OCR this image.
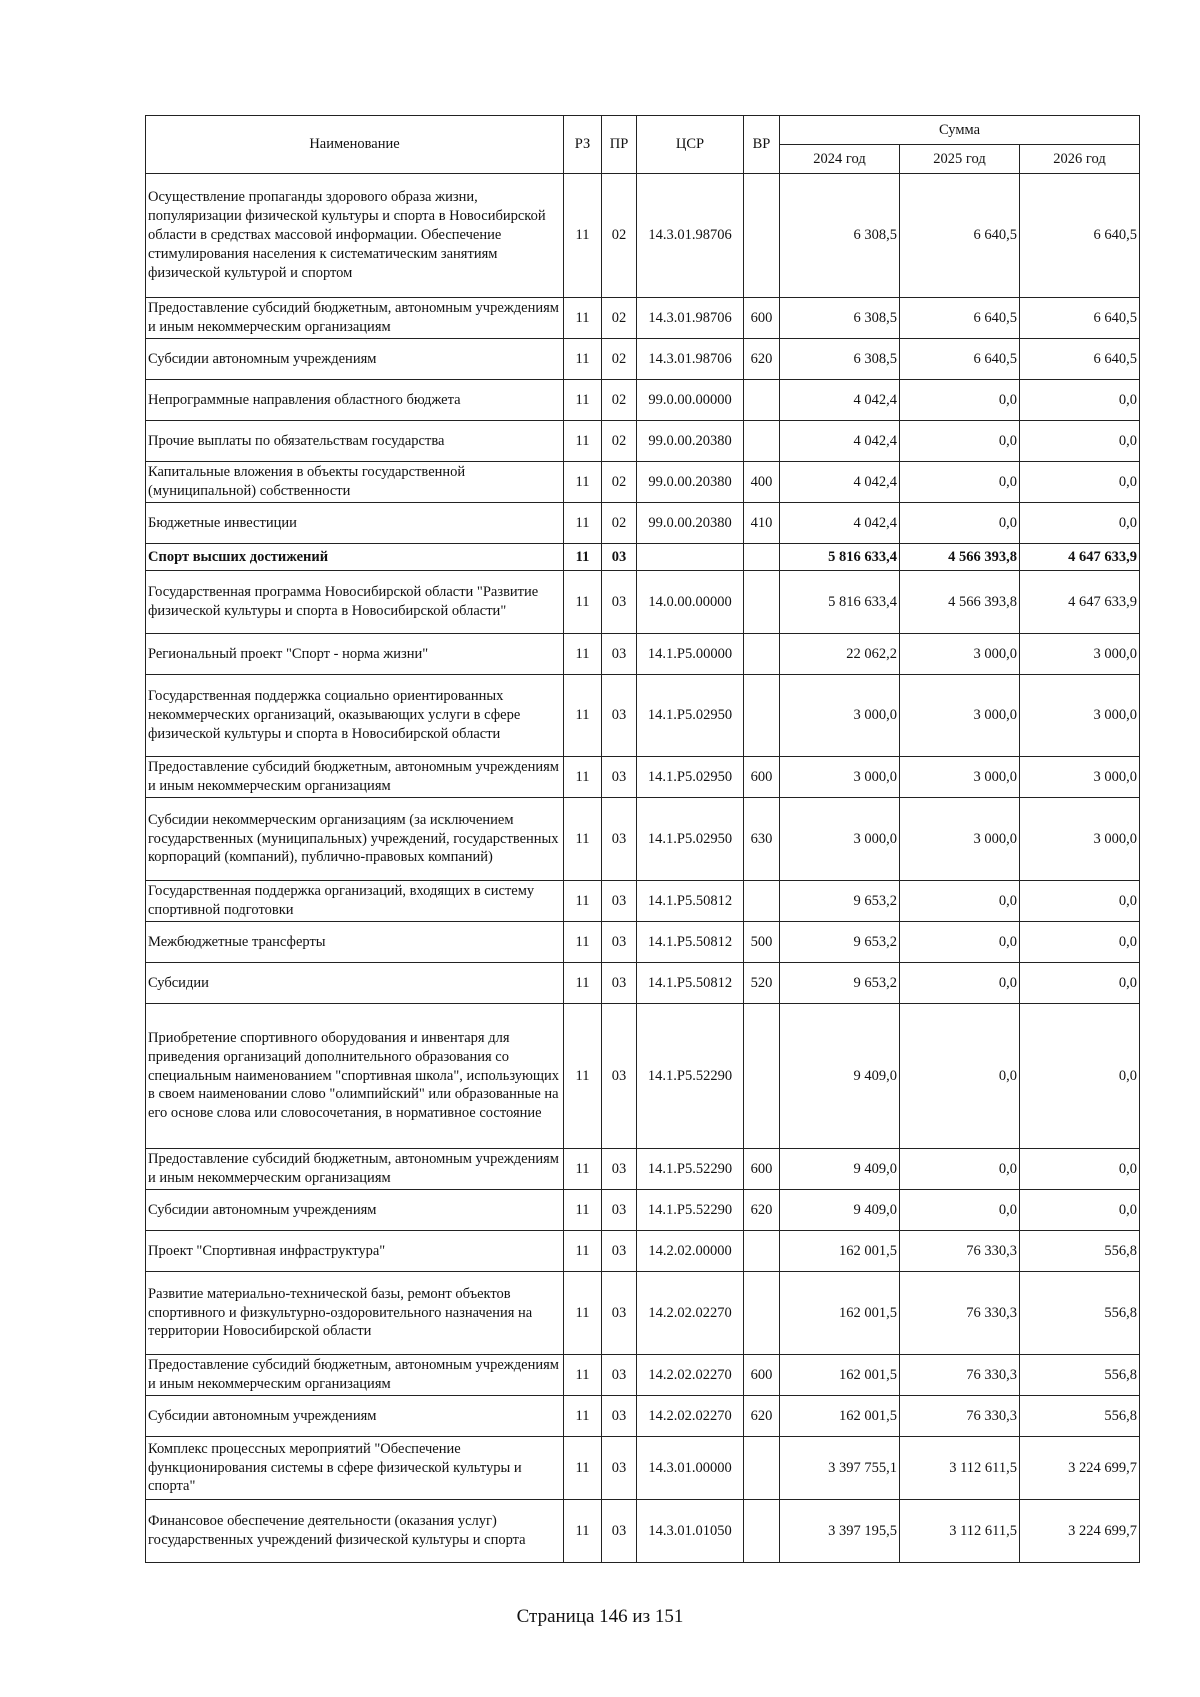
Наименование	РЗ	ПР	ЦСР	ВР	Сумма		
					2024 год	2025 год	2026 год
Осуществление пропаганды здорового образа жизни, популяризации физической культуры и спорта в Новосибирской области в средствах массовой информации. Обеспечение стимулирования населения к систематическим занятиям физической культурой и спортом	11	02	14.3.01.98706		6 308,5	6 640,5	6 640,5
Предоставление субсидий бюджетным, автономным учреждениям и иным некоммерческим организациям	11	02	14.3.01.98706	600	6 308,5	6 640,5	6 640,5
Субсидии автономным учреждениям	11	02	14.3.01.98706	620	6 308,5	6 640,5	6 640,5
Непрограммные направления областного бюджета	11	02	99.0.00.00000		4 042,4	0,0	0,0
Прочие выплаты по обязательствам государства	11	02	99.0.00.20380		4 042,4	0,0	0,0
Капитальные вложения в объекты государственной (муниципальной) собственности	11	02	99.0.00.20380	400	4 042,4	0,0	0,0
Бюджетные инвестиции	11	02	99.0.00.20380	410	4 042,4	0,0	0,0
Спорт высших достижений	11	03			5 816 633,4	4 566 393,8	4 647 633,9
Государственная программа Новосибирской области "Развитие физической культуры и спорта в Новосибирской области"	11	03	14.0.00.00000		5 816 633,4	4 566 393,8	4 647 633,9
Региональный проект "Спорт - норма жизни"	11	03	14.1.P5.00000		22 062,2	3 000,0	3 000,0
Государственная поддержка социально ориентированных некоммерческих организаций, оказывающих услуги в сфере физической культуры и спорта в Новосибирской области	11	03	14.1.P5.02950		3 000,0	3 000,0	3 000,0
Предоставление субсидий бюджетным, автономным учреждениям и иным некоммерческим организациям	11	03	14.1.P5.02950	600	3 000,0	3 000,0	3 000,0
Субсидии некоммерческим организациям (за исключением государственных (муниципальных) учреждений, государственных корпораций (компаний), публично-правовых компаний)	11	03	14.1.P5.02950	630	3 000,0	3 000,0	3 000,0
Государственная поддержка организаций, входящих в систему спортивной подготовки	11	03	14.1.P5.50812		9 653,2	0,0	0,0
Межбюджетные трансферты	11	03	14.1.P5.50812	500	9 653,2	0,0	0,0
Субсидии	11	03	14.1.P5.50812	520	9 653,2	0,0	0,0
Приобретение спортивного оборудования и инвентаря для приведения организаций дополнительного образования со специальным наименованием "спортивная школа", использующих в своем наименовании слово "олимпийский" или образованные на его основе слова или словосочетания, в нормативное состояние	11	03	14.1.P5.52290		9 409,0	0,0	0,0
Предоставление субсидий бюджетным, автономным учреждениям и иным некоммерческим организациям	11	03	14.1.P5.52290	600	9 409,0	0,0	0,0
Субсидии автономным учреждениям	11	03	14.1.P5.52290	620	9 409,0	0,0	0,0
Проект "Спортивная инфраструктура"	11	03	14.2.02.00000		162 001,5	76 330,3	556,8
Развитие материально-технической базы, ремонт объектов спортивного и физкультурно-оздоровительного назначения на территории Новосибирской области	11	03	14.2.02.02270		162 001,5	76 330,3	556,8
Предоставление субсидий бюджетным, автономным учреждениям и иным некоммерческим организациям	11	03	14.2.02.02270	600	162 001,5	76 330,3	556,8
Субсидии автономным учреждениям	11	03	14.2.02.02270	620	162 001,5	76 330,3	556,8
Комплекс процессных мероприятий "Обеспечение функционирования системы в сфере физической культуры и спорта"	11	03	14.3.01.00000		3 397 755,1	3 112 611,5	3 224 699,7
Финансовое обеспечение деятельности (оказания услуг) государственных учреждений физической культуры и спорта	11	03	14.3.01.01050		3 397 195,5	3 112 611,5	3 224 699,7
Страница 146 из 151
